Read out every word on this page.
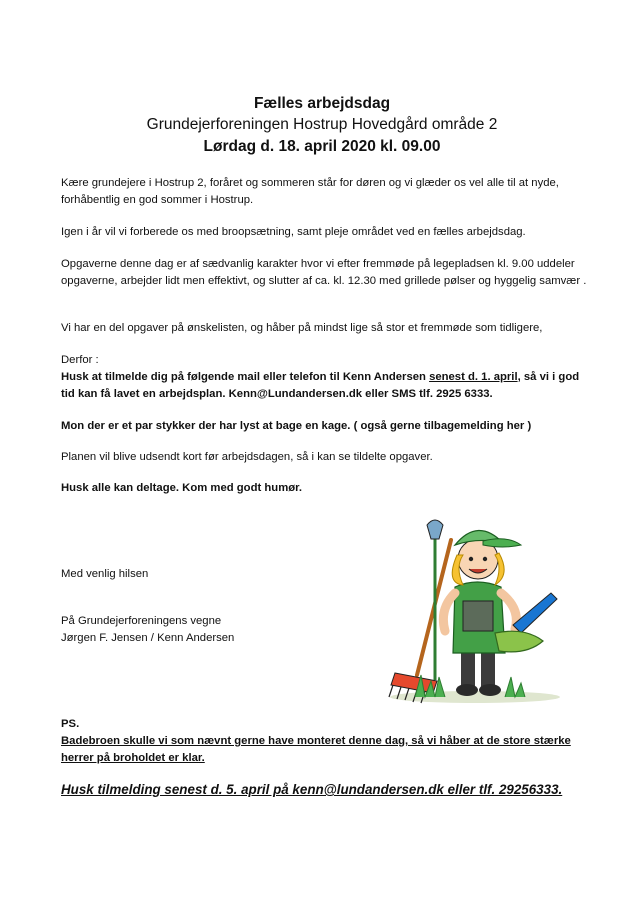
Fælles arbejdsdag
Grundejerforeningen Hostrup Hovedgård område 2
Lørdag d. 18. april 2020 kl. 09.00
Kære grundejere i Hostrup 2, foråret og sommeren står for døren og vi glæder os vel alle til at nyde, forhåbentlig en god sommer i Hostrup.
Igen i år vil vi forberede os med broopsætning, samt pleje området ved en fælles arbejdsdag.
Opgaverne denne dag er af sædvanlig karakter hvor vi efter fremmøde på legepladsen kl. 9.00 uddeler opgaverne, arbejder lidt men effektivt, og slutter af ca. kl. 12.30 med grillede pølser og hyggelig samvær .
Vi har en del opgaver på ønskelisten, og håber på mindst lige så stor et fremmøde som tidligere,
Derfor :
Husk at tilmelde dig på følgende mail eller telefon til Kenn Andersen senest d. 1. april, så vi i god tid kan få lavet en arbejdsplan. Kenn@Lundandersen.dk eller SMS tlf. 2925 6333.
Mon der er et par stykker der har lyst at bage en kage. ( også gerne tilbagemelding her )
Planen vil blive udsendt kort før arbejdsdagen, så i kan se tildelte opgaver.
Husk alle kan deltage. Kom med godt humør.
Med venlig hilsen
På Grundejerforeningens vegne
Jørgen F. Jensen / Kenn Andersen
PS.
Badebroen skulle vi som nævnt gerne have monteret denne dag, så vi håber at de store stærke herrer på broholdet er klar.
Husk tilmelding senest d. 5. april på kenn@lundandersen.dk eller tlf. 29256333.
